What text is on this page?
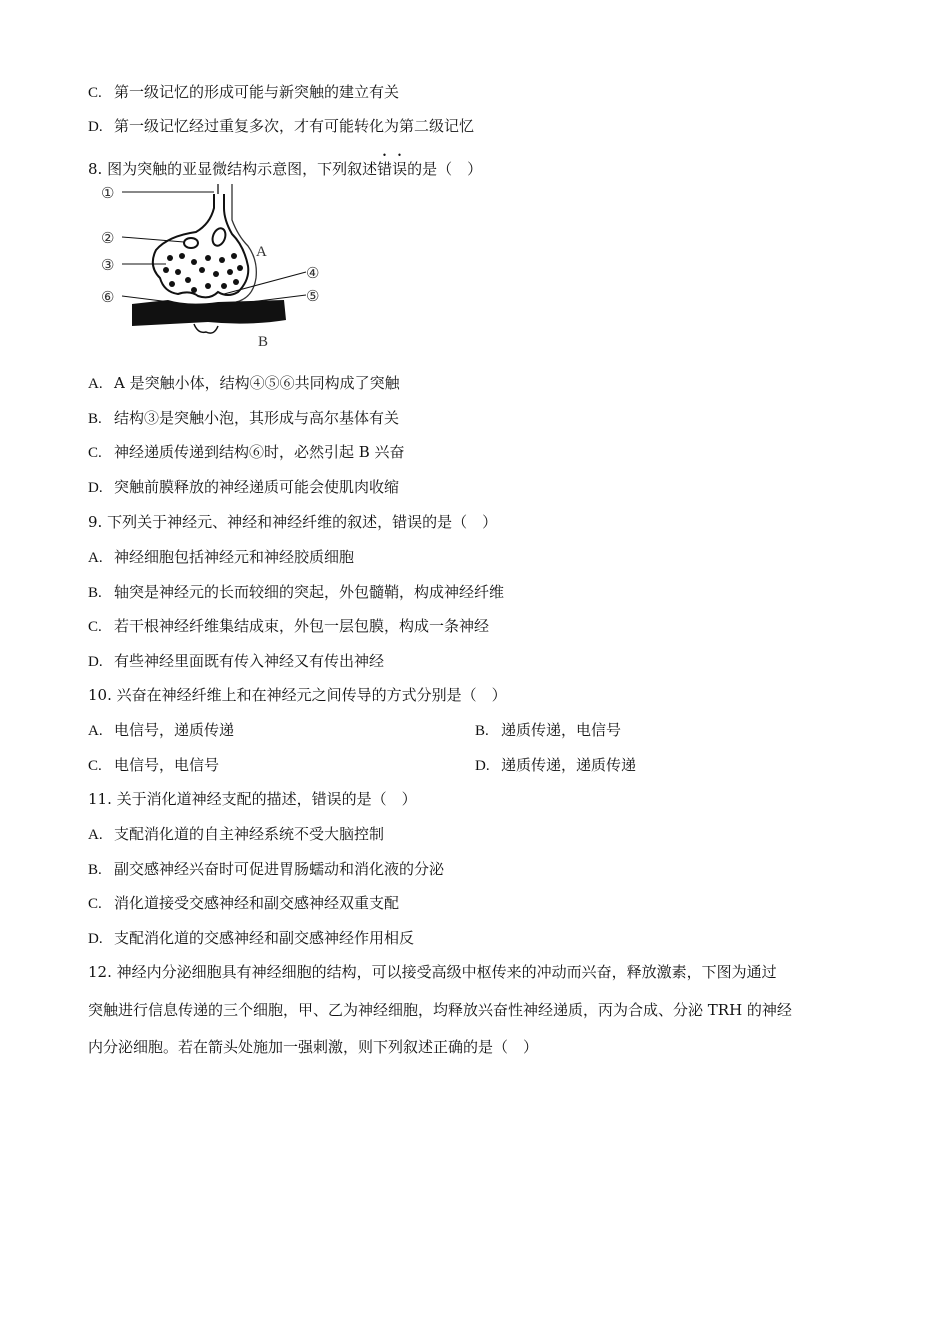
C. 第一级记忆的形成可能与新突触的建立有关
D. 第一级记忆经过重复多次，才有可能转化为第二级记忆
8. 图为突触的亚显微结构示意图，下列叙述错误的是（　）
①
②
③	④
⑤
⑥
A
B
A. A 是突触小体，结构④⑤⑥共同构成了突触
B. 结构③是突触小泡，其形成与高尔基体有关
C. 神经递质传递到结构⑥时，必然引起 B 兴奋
D. 突触前膜释放的神经递质可能会使肌肉收缩
9. 下列关于神经元、神经和神经纤维的叙述，错误的是（　）
A. 神经细胞包括神经元和神经胶质细胞
B. 轴突是神经元的长而较细的突起，外包髓鞘，构成神经纤维
C. 若干根神经纤维集结成束，外包一层包膜，构成一条神经
D. 有些神经里面既有传入神经又有传出神经
10. 兴奋在神经纤维上和在神经元之间传导的方式分别是（　）
A. 电信号，递质传递	B. 递质传递，电信号
C. 电信号，电信号	D. 递质传递，递质传递
11. 关于消化道神经支配的描述，错误的是（　）
A. 支配消化道的自主神经系统不受大脑控制
B. 副交感神经兴奋时可促进胃肠蠕动和消化液的分泌
C. 消化道接受交感神经和副交感神经双重支配
D. 支配消化道的交感神经和副交感神经作用相反
12. 神经内分泌细胞具有神经细胞的结构，可以接受高级中枢传来的冲动而兴奋，释放激素，下图为通过
突触进行信息传递的三个细胞，甲、乙为神经细胞，均释放兴奋性神经递质，丙为合成、分泌 TRH 的神经
内分泌细胞。若在箭头处施加一强刺激，则下列叙述正确的是（　）
